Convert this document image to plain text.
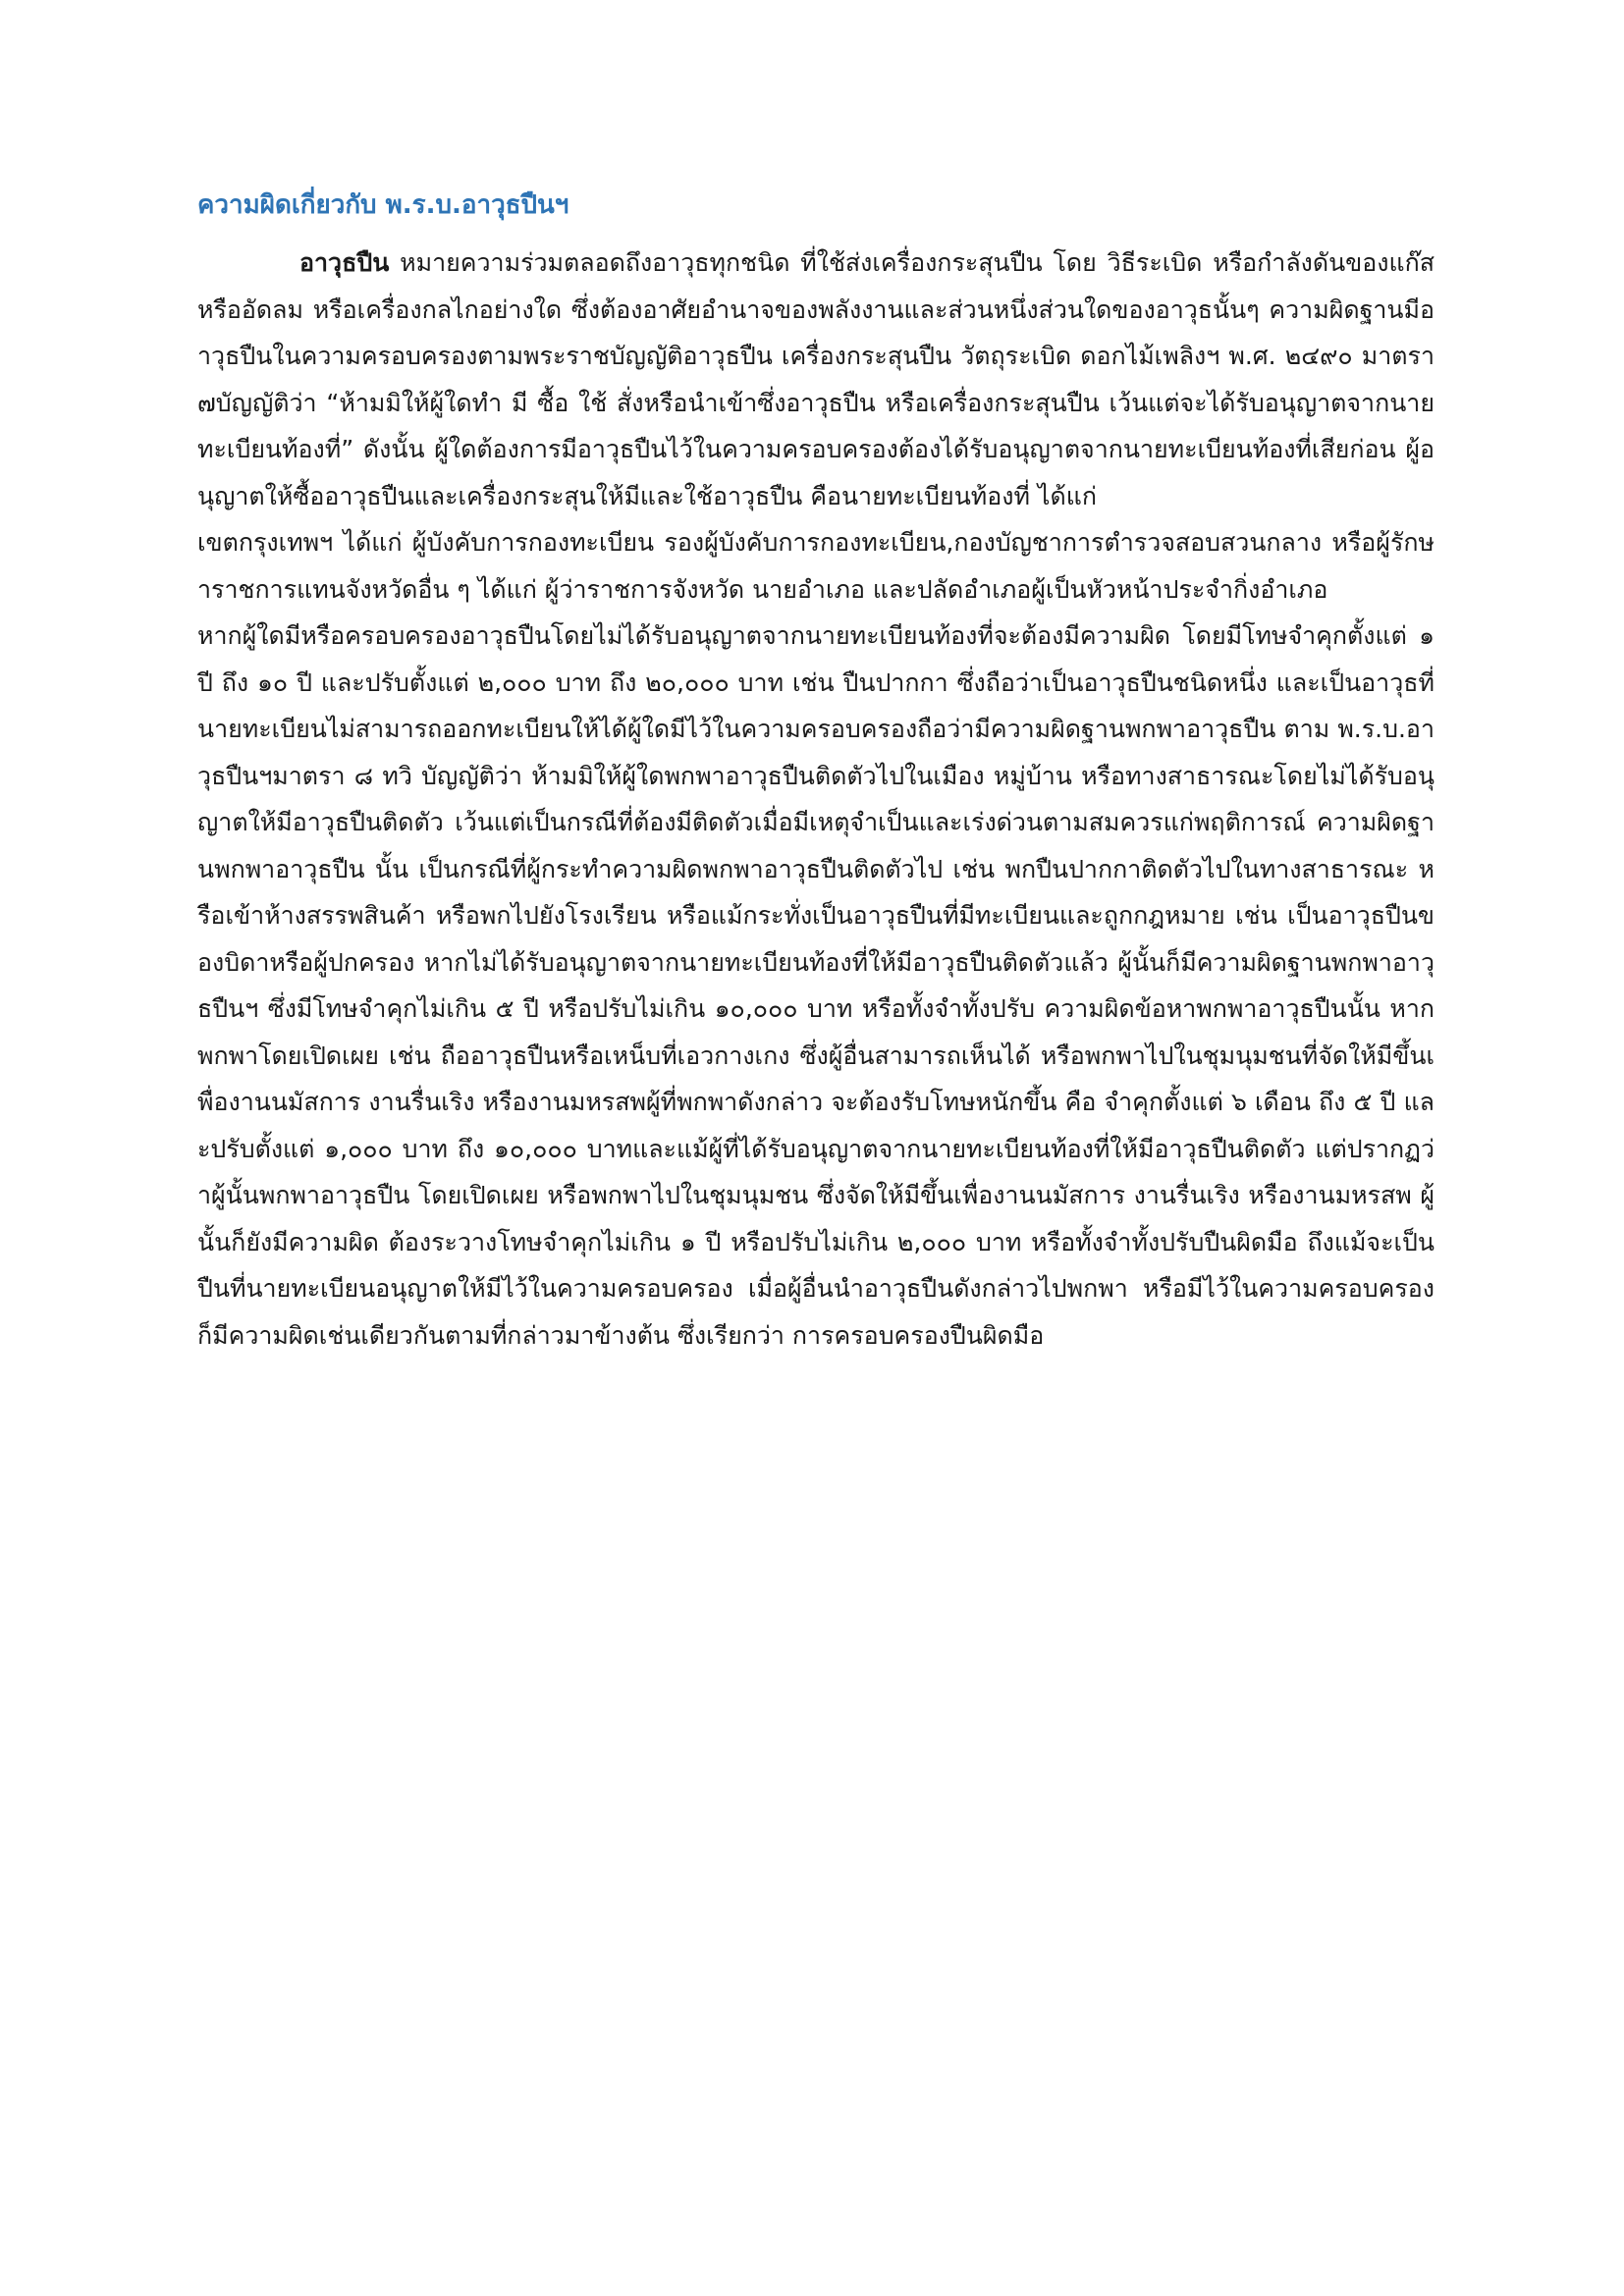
ความผิดเกี่ยวกับ พ.ร.บ.อาวุธปืนฯ

อาวุธปืน หมายความร่วมตลอดถึงอาวุธทุกชนิด ที่ใช้ส่งเครื่องกระสุนปืน โดย วิธีระเบิด หรือกำลังดันของแก๊ส หรืออัดลม หรือเครื่องกลไกอย่างใด ซึ่งต้องอาศัยอำนาจของพลังงานและส่วนหนึ่งส่วนใดของอาวุธนั้นๆ ความผิดฐานมีอาวุธปืนในความครอบครองตามพระราชบัญญัติอาวุธปืน เครื่องกระสุนปืน วัตถุระเบิด ดอกไม้เพลิงฯ พ.ศ. ๒๔๙๐ มาตรา ๗บัญญัติว่า “ห้ามมิให้ผู้ใดทำ มี ซื้อ ใช้ สั่งหรือนำเข้าซึ่งอาวุธปืน หรือเครื่องกระสุนปืน เว้นแต่จะได้รับอนุญาตจากนายทะเบียนท้องที่” ดังนั้น ผู้ใดต้องการมีอาวุธปืนไว้ในความครอบครองต้องได้รับอนุญาตจากนายทะเบียนท้องที่เสียก่อน ผู้อนุญาตให้ซื้ออาวุธปืนและเครื่องกระสุนให้มีและใช้อาวุธปืน คือนายทะเบียนท้องที่ ได้แก่

เขตกรุงเทพฯ ได้แก่ ผู้บังคับการกองทะเบียน รองผู้บังคับการกองทะเบียน,กองบัญชาการตำรวจสอบสวนกลาง หรือผู้รักษาราชการแทนจังหวัดอื่น ๆ ได้แก่ ผู้ว่าราชการจังหวัด นายอำเภอ และปลัดอำเภอผู้เป็นหัวหน้าประจำกิ่งอำเภอ

หากผู้ใดมีหรือครอบครองอาวุธปืนโดยไม่ได้รับอนุญาตจากนายทะเบียนท้องที่จะต้องมีความผิด โดยมีโทษจำคุกตั้งแต่ ๑ ปี ถึง ๑๐ ปี และปรับตั้งแต่ ๒,๐๐๐ บาท ถึง ๒๐,๐๐๐ บาท เช่น ปืนปากกา ซึ่งถือว่าเป็นอาวุธปืนชนิดหนึ่ง และเป็นอาวุธที่นายทะเบียนไม่สามารถออกทะเบียนให้ได้ผู้ใดมีไว้ในความครอบครองถือว่ามีความผิดฐานพกพาอาวุธปืน ตาม พ.ร.บ.อาวุธปืนฯมาตรา ๘ ทวิ บัญญัติว่า ห้ามมิให้ผู้ใดพกพาอาวุธปืนติดตัวไปในเมือง หมู่บ้าน หรือทางสาธารณะโดยไม่ได้รับอนุญาตให้มีอาวุธปืนติดตัว เว้นแต่เป็นกรณีที่ต้องมีติดตัวเมื่อมีเหตุจำเป็นและเร่งด่วนตามสมควรแก่พฤติการณ์ ความผิดฐานพกพาอาวุธปืน นั้น เป็นกรณีที่ผู้กระทำความผิดพกพาอาวุธปืนติดตัวไป เช่น พกปืนปากกาติดตัวไปในทางสาธารณะ หรือเข้าห้างสรรพสินค้า หรือพกไปยังโรงเรียน หรือแม้กระทั่งเป็นอาวุธปืนที่มีทะเบียนและถูกกฎหมาย เช่น เป็นอาวุธปืนของบิดาหรือผู้ปกครอง หากไม่ได้รับอนุญาตจากนายทะเบียนท้องที่ให้มีอาวุธปืนติดตัวแล้ว ผู้นั้นก็มีความผิดฐานพกพาอาวุธปืนฯ ซึ่งมีโทษจำคุกไม่เกิน ๕ ปี หรือปรับไม่เกิน ๑๐,๐๐๐ บาท หรือทั้งจำทั้งปรับ ความผิดข้อหาพกพาอาวุธปืนนั้น หากพกพาโดยเปิดเผย เช่น ถืออาวุธปืนหรือเหน็บที่เอวกางเกง ซึ่งผู้อื่นสามารถเห็นได้ หรือพกพาไปในชุมนุมชนที่จัดให้มีขึ้นเพื่องานนมัสการ งานรื่นเริง หรืองานมหรสพผู้ที่พกพาดังกล่าว จะต้องรับโทษหนักขึ้น คือ จำคุกตั้งแต่ ๖ เดือน ถึง ๕ ปี และปรับตั้งแต่ ๑,๐๐๐ บาท ถึง ๑๐,๐๐๐ บาทและแม้ผู้ที่ได้รับอนุญาตจากนายทะเบียนท้องที่ให้มีอาวุธปืนติดตัว แต่ปรากฏว่าผู้นั้นพกพาอาวุธปืน โดยเปิดเผย หรือพกพาไปในชุมนุมชน ซึ่งจัดให้มีขึ้นเพื่องานนมัสการ งานรื่นเริง หรืองานมหรสพ ผู้นั้นก็ยังมีความผิด ต้องระวางโทษจำคุกไม่เกิน ๑ ปี หรือปรับไม่เกิน ๒,๐๐๐ บาท หรือทั้งจำทั้งปรับปืนผิดมือ ถึงแม้จะเป็นปืนที่นายทะเบียนอนุญาตให้มีไว้ในความครอบครอง เมื่อผู้อื่นนำอาวุธปืนดังกล่าวไปพกพา หรือมีไว้ในความครอบครอง ก็มีความผิดเช่นเดียวกันตามที่กล่าวมาข้างต้น ซึ่งเรียกว่า การครอบครองปืนผิดมือ
